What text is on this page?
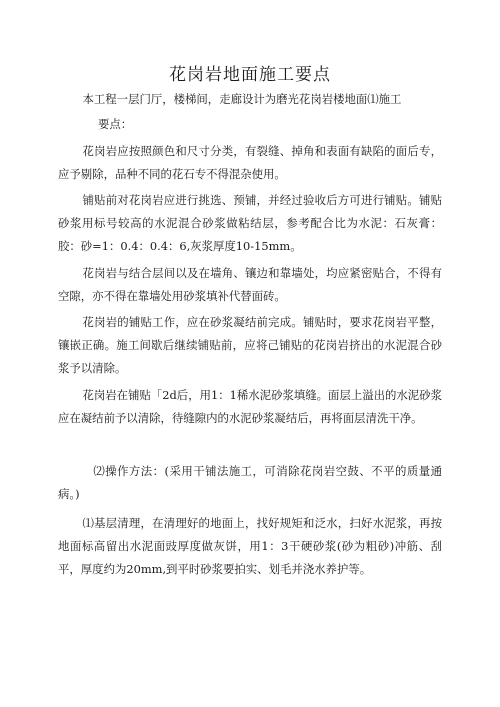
花岗岩地面施工要点

本工程一层门厅，楼梯间，走廊设计为磨光花岗岩楼地面⑴施工

要点：

花岗岩应按照颜色和尺寸分类，有裂缝、掉角和表面有缺陷的面后专，应予剔除，品种不同的花石专不得混杂使用。

铺贴前对花岗岩应进行挑选、预铺，并经过验收后方可进行铺贴。铺贴砂浆用标号较高的水泥混合砂浆做粘结层，参考配合比为水泥：石灰膏：胶：砂=1：0.4：0.4：6,灰浆厚度10-15mm。

花岗岩与结合层间以及在墙角、镶边和靠墙处，均应紧密贴合，不得有空隙，亦不得在靠墙处用砂浆填补代替面砖。

花岗岩的铺贴工作，应在砂浆凝结前完成。铺贴时，要求花岗岩平整，镶嵌正确。施工间歇后继续铺贴前，应将己铺贴的花岗岩挤出的水泥混合砂浆予以清除。

花岗岩在铺贴「2d后，用1：1稀水泥砂浆填缝。面层上溢出的水泥砂浆应在凝结前予以清除，待缝隙内的水泥砂浆凝结后，再将面层清洗干净。

⑵操作方法：(采用干铺法施工，可消除花岗岩空鼓、不平的质量通病。)

⑴基层清理，在清理好的地面上，找好规矩和泛水，扫好水泥浆，再按地面标高留出水泥面豉厚度做灰饼，用1：3干硬砂浆(砂为粗砂)冲筋、刮平，厚度约为20mm,到平时砂浆要拍实、划毛并浇水养护等。
